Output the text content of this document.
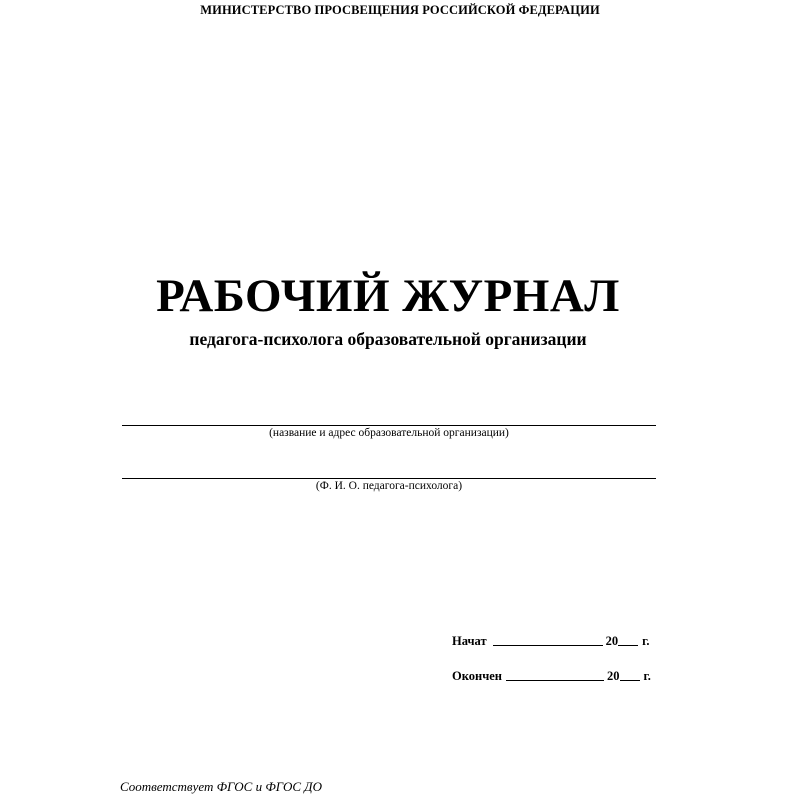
МИНИСТЕРСТВО ПРОСВЕЩЕНИЯ РОССИЙСКОЙ ФЕДЕРАЦИИ
РАБОЧИЙ ЖУРНАЛ
педагога-психолога образовательной организации
(название и адрес образовательной организации)
(Ф. И. О. педагога-психолога)
Начат	20 г.
Окончен	20 г.
Соответствует ФГОС и ФГОС ДО
